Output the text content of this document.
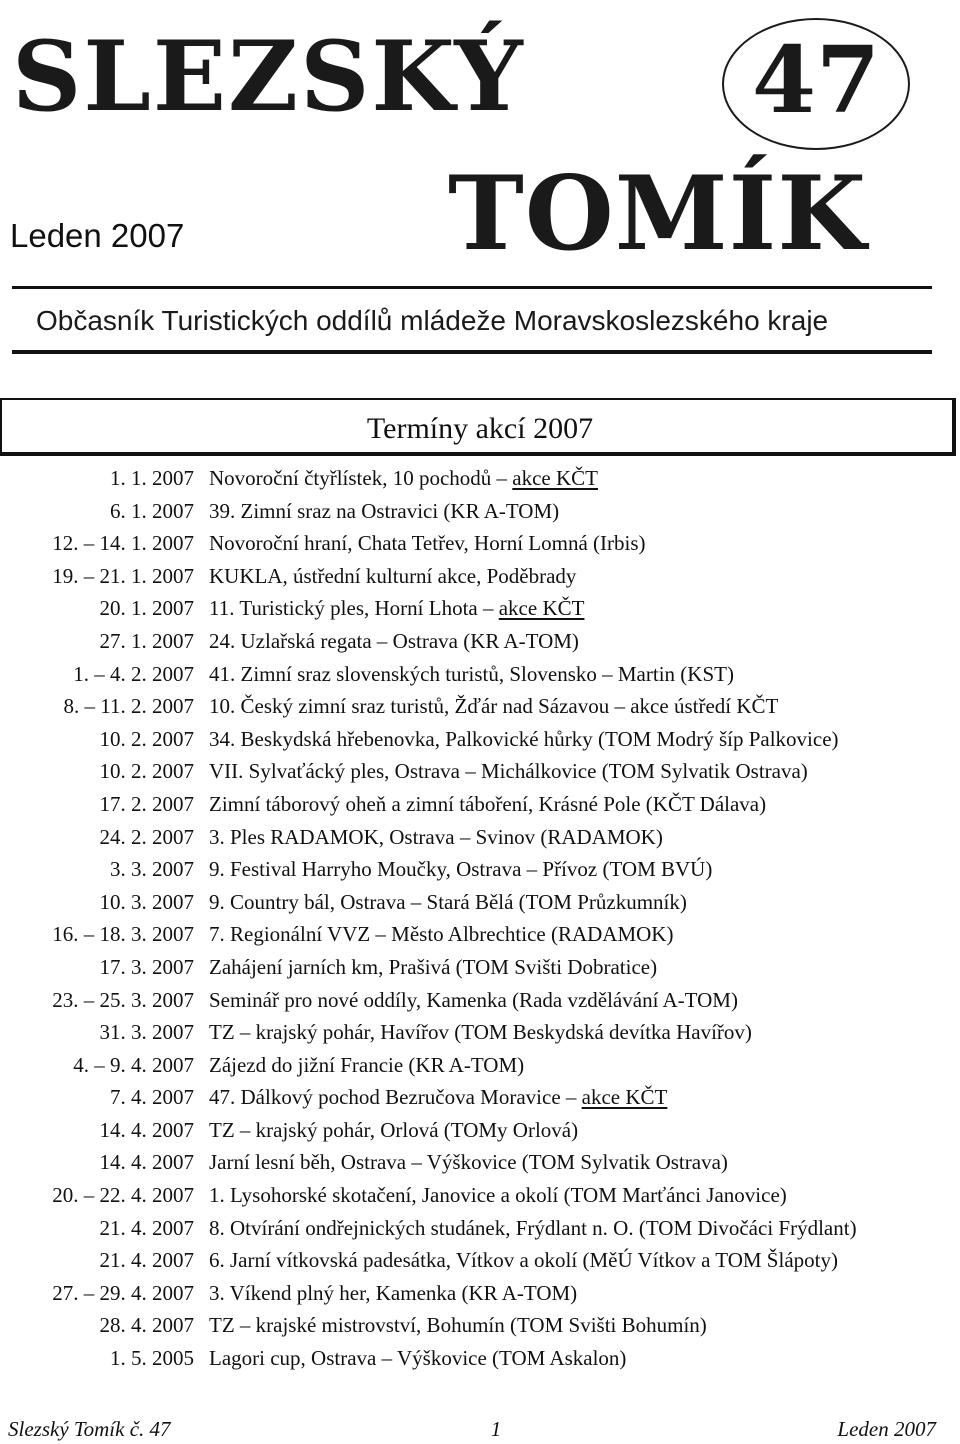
SLEZSKÝ	47
TOMÍK
Leden 2007
Občasník Turistických oddílů mládeže Moravskoslezského kraje
Termíny akcí 2007
1. 1. 2007 Novoroční čtyřlístek, 10 pochodů – akce KČT
6. 1. 2007 39. Zimní sraz na Ostravici (KR A-TOM)
12. – 14. 1. 2007 Novoroční hraní, Chata Tetřev, Horní Lomná (Irbis)
19. – 21. 1. 2007 KUKLA, ústřední kulturní akce, Poděbrady
20. 1. 2007 11. Turistický ples, Horní Lhota – akce KČT
27. 1. 2007 24. Uzlařská regata – Ostrava (KR A-TOM)
1. – 4. 2. 2007 41. Zimní sraz slovenských turistů, Slovensko – Martin (KST)
8. – 11. 2. 2007 10. Český zimní sraz turistů, Žďár nad Sázavou – akce ústředí KČT
10. 2. 2007 34. Beskydská hřebenovka, Palkovické hůrky (TOM Modrý šíp Palkovice)
10. 2. 2007 VII. Sylvaťácký ples, Ostrava – Michálkovice (TOM Sylvatik Ostrava)
17. 2. 2007 Zimní táborový oheň a zimní táboření, Krásné Pole (KČT Dálava)
24. 2. 2007 3. Ples RADAMOK, Ostrava – Svinov (RADAMOK)
3. 3. 2007 9. Festival Harryho Moučky, Ostrava – Přívoz (TOM BVÚ)
10. 3. 2007 9. Country bál, Ostrava – Stará Bělá (TOM Průzkumník)
16. – 18. 3. 2007 7. Regionální VVZ – Město Albrechtice (RADAMOK)
17. 3. 2007 Zahájení jarních km, Prašivá (TOM Svišti Dobratice)
23. – 25. 3. 2007 Seminář pro nové oddíly, Kamenka (Rada vzdělávání A-TOM)
31. 3. 2007 TZ – krajský pohár, Havířov (TOM Beskydská devítka Havířov)
4. – 9. 4. 2007 Zájezd do jižní Francie (KR A-TOM)
7. 4. 2007 47. Dálkový pochod Bezručova Moravice – akce KČT
14. 4. 2007 TZ – krajský pohár, Orlová (TOMy Orlová)
14. 4. 2007 Jarní lesní běh, Ostrava – Výškovice (TOM Sylvatik Ostrava)
20. – 22. 4. 2007 1. Lysohorské skotačení, Janovice a okolí (TOM Marťánci Janovice)
21. 4. 2007 8. Otvírání ondřejnických studánek, Frýdlant n. O. (TOM Divočáci Frýdlant)
21. 4. 2007 6. Jarní vítkovská padesátka, Vítkov a okolí (MěÚ Vítkov a TOM Šlápoty)
27. – 29. 4. 2007 3. Víkend plný her, Kamenka (KR A-TOM)
28. 4. 2007 TZ – krajské mistrovství, Bohumín (TOM Svišti Bohumín)
1. 5. 2005 Lagori cup, Ostrava – Výškovice (TOM Askalon)
Slezský Tomík č. 47	1	Leden 2007
